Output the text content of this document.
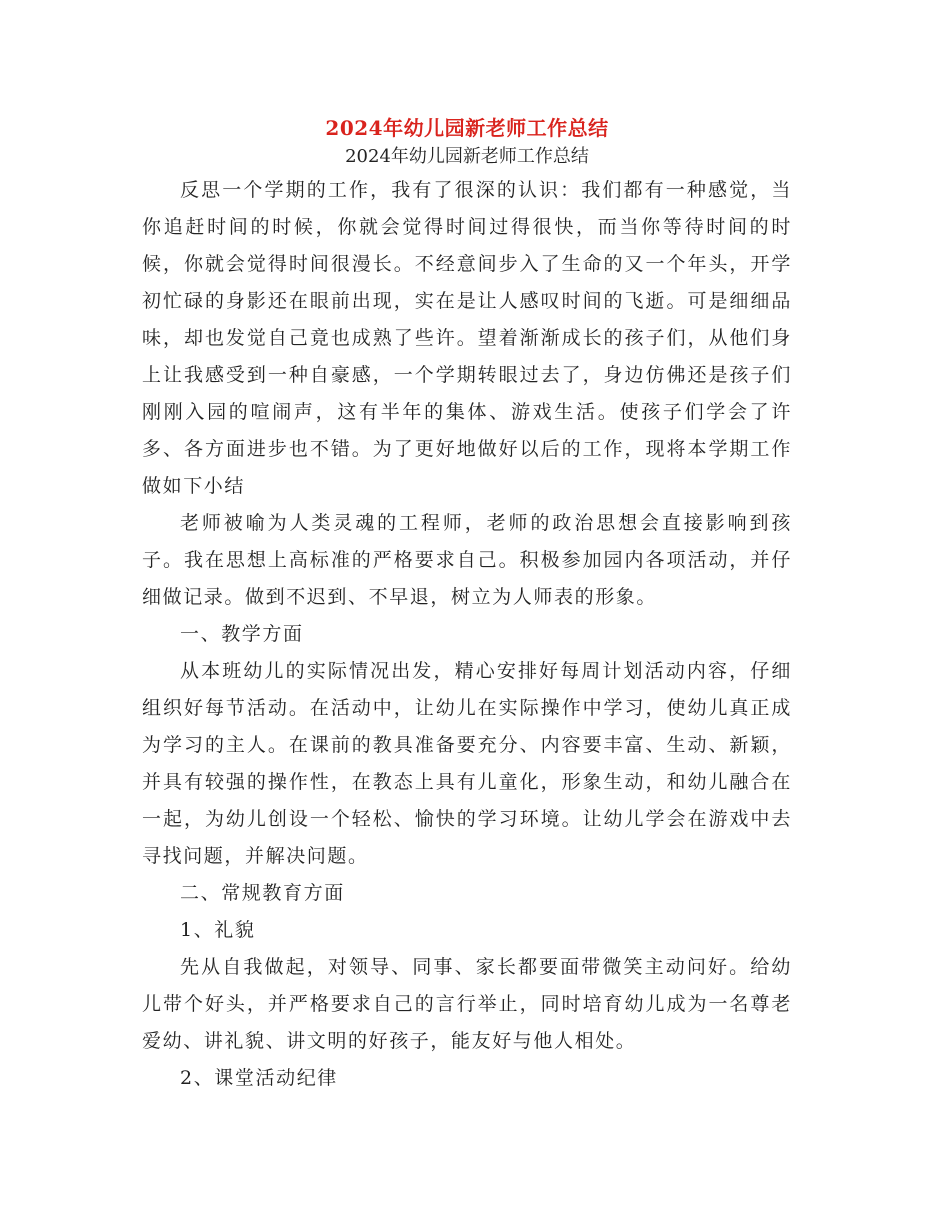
2024年幼儿园新老师工作总结

2024年幼儿园新老师工作总结

反思一个学期的工作，我有了很深的认识：我们都有一种感觉，当你追赶时间的时候，你就会觉得时间过得很快，而当你等待时间的时候，你就会觉得时间很漫长。不经意间步入了生命的又一个年头，开学初忙碌的身影还在眼前出现，实在是让人感叹时间的飞逝。可是细细品味，却也发觉自己竟也成熟了些许。望着渐渐成长的孩子们，从他们身上让我感受到一种自豪感，一个学期转眼过去了，身边仿佛还是孩子们刚刚入园的喧闹声，这有半年的集体、游戏生活。使孩子们学会了许多、各方面进步也不错。为了更好地做好以后的工作，现将本学期工作做如下小结

老师被喻为人类灵魂的工程师，老师的政治思想会直接影响到孩子。我在思想上高标准的严格要求自己。积极参加园内各项活动，并仔细做记录。做到不迟到、不早退，树立为人师表的形象。

一、教学方面

从本班幼儿的实际情况出发，精心安排好每周计划活动内容，仔细组织好每节活动。在活动中，让幼儿在实际操作中学习，使幼儿真正成为学习的主人。在课前的教具准备要充分、内容要丰富、生动、新颖，并具有较强的操作性，在教态上具有儿童化，形象生动，和幼儿融合在一起，为幼儿创设一个轻松、愉快的学习环境。让幼儿学会在游戏中去寻找问题，并解决问题。

二、常规教育方面

1、礼貌

先从自我做起，对领导、同事、家长都要面带微笑主动问好。给幼儿带个好头，并严格要求自己的言行举止，同时培育幼儿成为一名尊老爱幼、讲礼貌、讲文明的好孩子，能友好与他人相处。

2、课堂活动纪律
